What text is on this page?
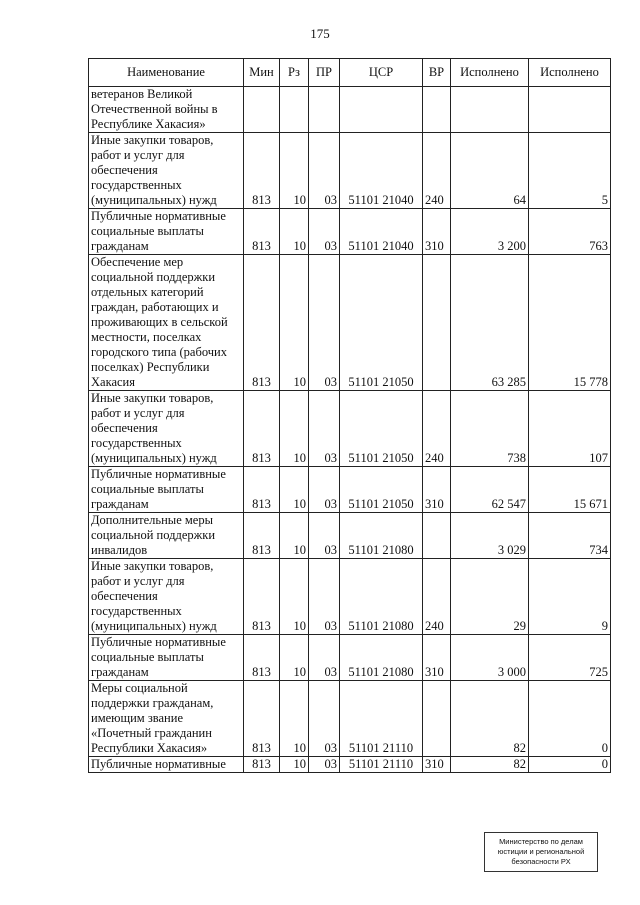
175
Наименование	Мин	Рз	ПР	ЦСР	ВР	Исполнено	Исполнено
ветеранов Великой Отечественной войны в Республике Хакасия»							
Иные закупки товаров, работ и услуг для обеспечения государственных (муниципальных) нужд	813	10	03	51101 21040	240	64	5
Публичные нормативные социальные выплаты гражданам	813	10	03	51101 21040	310	3 200	763
Обеспечение мер социальной поддержки отдельных категорий граждан, работающих и проживающих в сельской местности, поселках городского типа (рабочих поселках) Республики Хакасия	813	10	03	51101 21050		63 285	15 778
Иные закупки товаров, работ и услуг для обеспечения государственных (муниципальных) нужд	813	10	03	51101 21050	240	738	107
Публичные нормативные социальные выплаты гражданам	813	10	03	51101 21050	310	62 547	15 671
Дополнительные меры социальной поддержки инвалидов	813	10	03	51101 21080		3 029	734
Иные закупки товаров, работ и услуг для обеспечения государственных (муниципальных) нужд	813	10	03	51101 21080	240	29	9
Публичные нормативные социальные выплаты гражданам	813	10	03	51101 21080	310	3 000	725
Меры социальной поддержки гражданам, имеющим звание «Почетный гражданин Республики Хакасия»	813	10	03	51101 21110		82	0
Публичные нормативные	813	10	03	51101 21110	310	82	0
Министерство по делам
юстиции и региональной
безопасности РХ
